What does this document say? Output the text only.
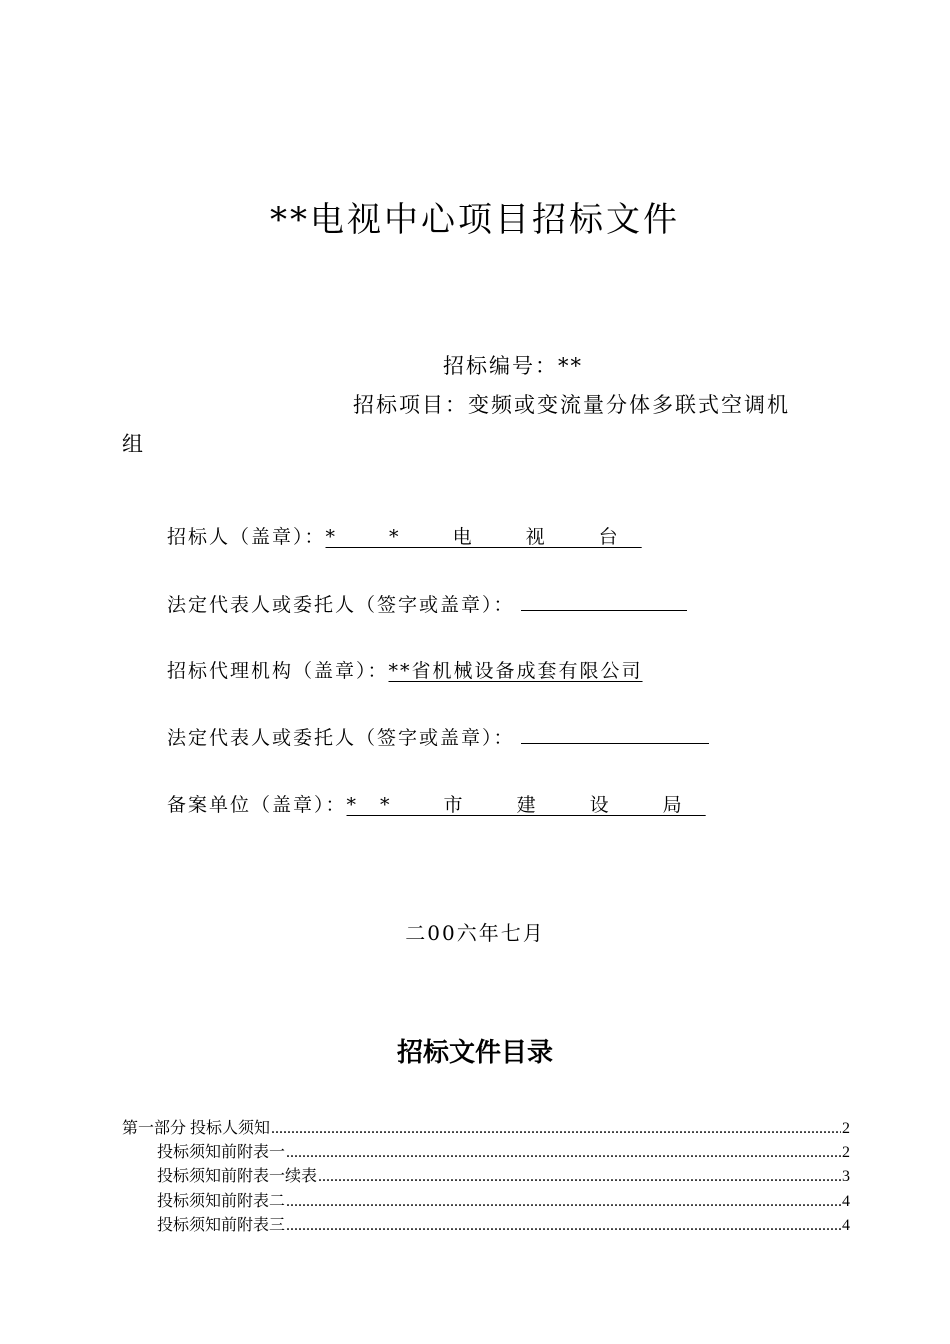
**电视中心项目招标文件
招标编号：**
招标项目：变频或变流量分体多联式空调机
组
招标人（盖章）：* * 电 视 台
法定代表人或委托人（签字或盖章）：
招标代理机构（盖章）：**省机械设备成套有限公司
法定代表人或委托人（签字或盖章）：
备案单位（盖章）：** 市 建 设 局
二00六年七月
招标文件目录
第一部分 投标人须知 .....	2
投标须知前附表一 .....	2
投标须知前附表一续表 .....	3
投标须知前附表二 .....	4
投标须知前附表三 .....	4
